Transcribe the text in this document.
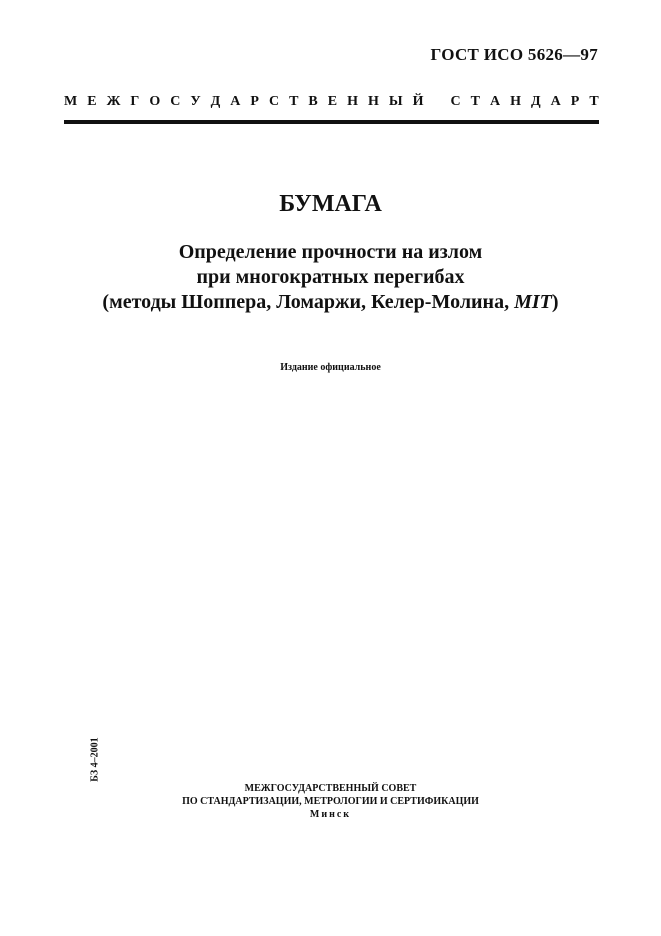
ГОСТ ИСО 5626—97
М Е Ж Г О С У Д А Р С Т В Е Н Н Ы Й
С Т А Н Д А Р Т
БУМАГА
Определение прочности на излом
при многократных перегибах
(методы Шоппера, Ломаржи, Келер-Молина, MIT)
Издание официальное
БЗ 4–2001
МЕЖГОСУДАРСТВЕННЫЙ СОВЕТ
ПО СТАНДАРТИЗАЦИИ, МЕТРОЛОГИИ И СЕРТИФИКАЦИИ
Минск
